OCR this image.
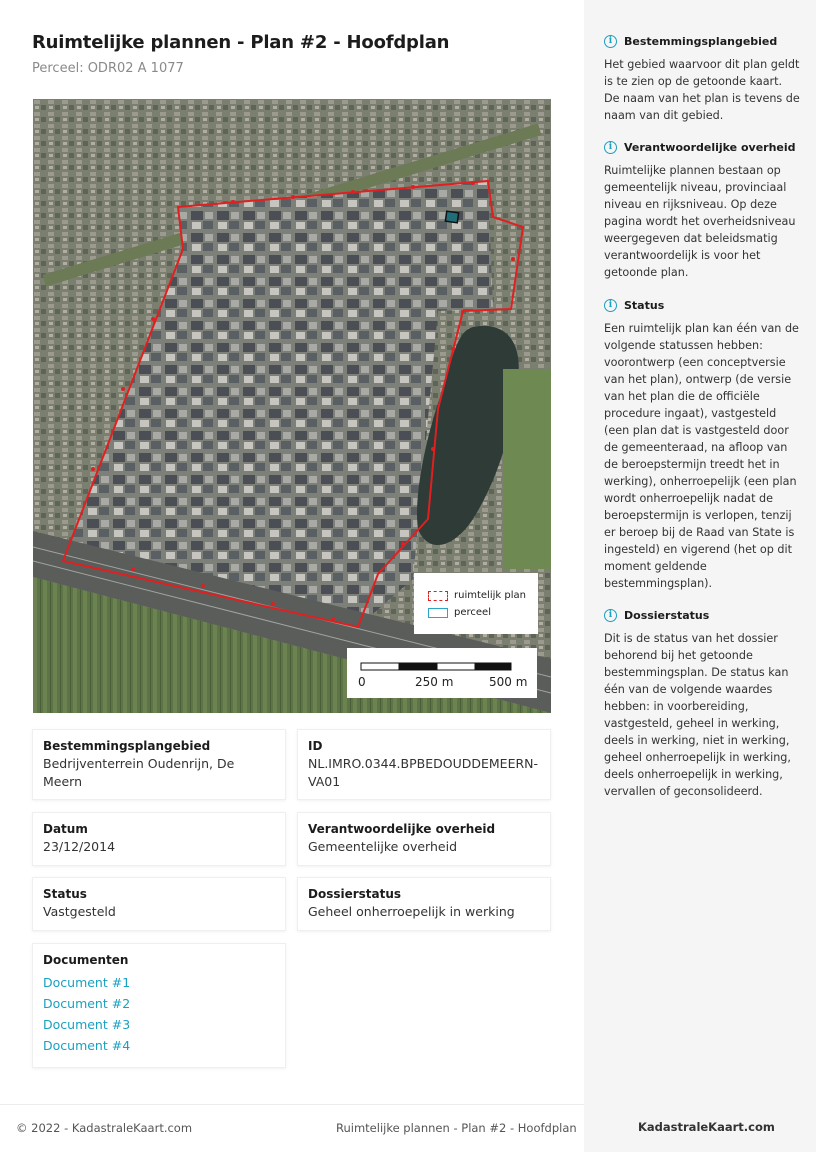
Ruimtelijke plannen - Plan #2 - Hoofdplan
Perceel: ODR02 A 1077
ruimtelijk plan
perceel
0	250 m	500 m
Bestemmingsplangebied
Bedrijventerrein Oudenrijn, De Meern
ID
NL.IMRO.0344.BPBEDOUDDEMEERN-VA01
Datum
23/12/2014
Verantwoordelijke overheid
Gemeentelijke overheid
Status
Vastgesteld
Dossierstatus
Geheel onherroepelijk in werking
Documenten
Document #1
Document #2
Document #3
Document #4
i	Bestemmingsplangebied
Het gebied waarvoor dit plan geldt is te zien op de getoonde kaart. De naam van het plan is tevens de naam van dit gebied.
i	Verantwoordelijke overheid
Ruimtelijke plannen bestaan op gemeentelijk niveau, provinciaal niveau en rijksniveau. Op deze pagina wordt het overheidsniveau weergegeven dat beleidsmatig verantwoordelijk is voor het getoonde plan.
i	Status
Een ruimtelijk plan kan één van de volgende statussen hebben: voorontwerp (een conceptversie van het plan), ontwerp (de versie van het plan die de officiële procedure ingaat), vastgesteld (een plan dat is vastgesteld door de gemeenteraad, na afloop van de beroepstermijn treedt het in werking), onherroepelijk (een plan wordt onherroepelijk nadat de beroepstermijn is verlopen, tenzij er beroep bij de Raad van State is ingesteld) en vigerend (het op dit moment geldende bestemmingsplan).
i	Dossierstatus
Dit is de status van het dossier behorend bij het getoonde bestemmingsplan. De status kan één van de volgende waardes hebben: in voorbereiding, vastgesteld, geheel in werking, deels in werking, niet in werking, geheel onherroepelijk in werking, deels onherroepelijk in werking, vervallen of geconsolideerd.
© 2022 - KadastraleKaart.com	Ruimtelijke plannen - Plan #2 - Hoofdplan	KadastraleKaart.com
